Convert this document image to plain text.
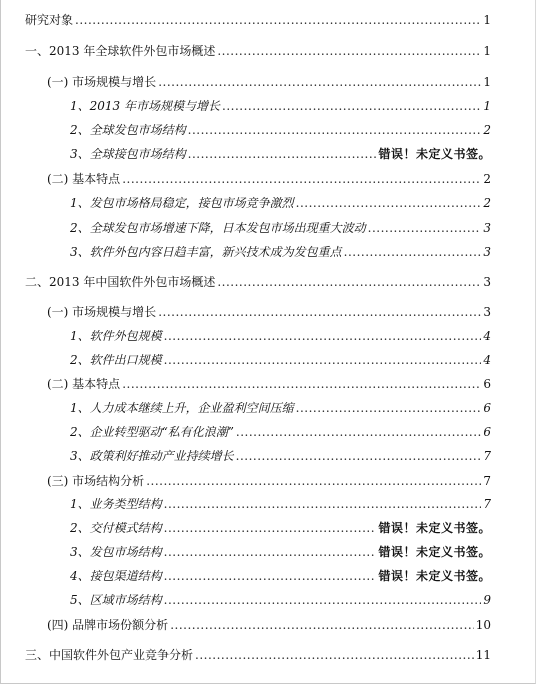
研究对象 .....	1
一、2013 年全球软件外包市场概述 .....	1
(一) 市场规模与增长 .....	1
1、2013 年市场规模与增长 .....	1
2、全球发包市场结构 .....	2
3、全球接包市场结构 .....	错误！未定义书签。
(二) 基本特点 .....	2
1、发包市场格局稳定，接包市场竞争激烈 .....	2
2、全球发包市场增速下降，日本发包市场出现重大波动 .....	3
3、软件外包内容日趋丰富，新兴技术成为发包重点 .....	3
二、2013 年中国软件外包市场概述 .....	3
(一) 市场规模与增长 .....	3
1、软件外包规模 .....	4
2、软件出口规模 .....	4
(二) 基本特点 .....	6
1、人力成本继续上升，企业盈利空间压缩 .....	6
2、企业转型驱动“私有化浪潮” .....	6
3、政策利好推动产业持续增长 .....	7
(三) 市场结构分析 .....	7
1、业务类型结构 .....	7
2、交付模式结构 .....	错误！未定义书签。
3、发包市场结构 .....	错误！未定义书签。
4、接包渠道结构 .....	错误！未定义书签。
5、区域市场结构 .....	9
(四) 品牌市场份额分析 .....	10
三、中国软件外包产业竞争分析 .....	11
